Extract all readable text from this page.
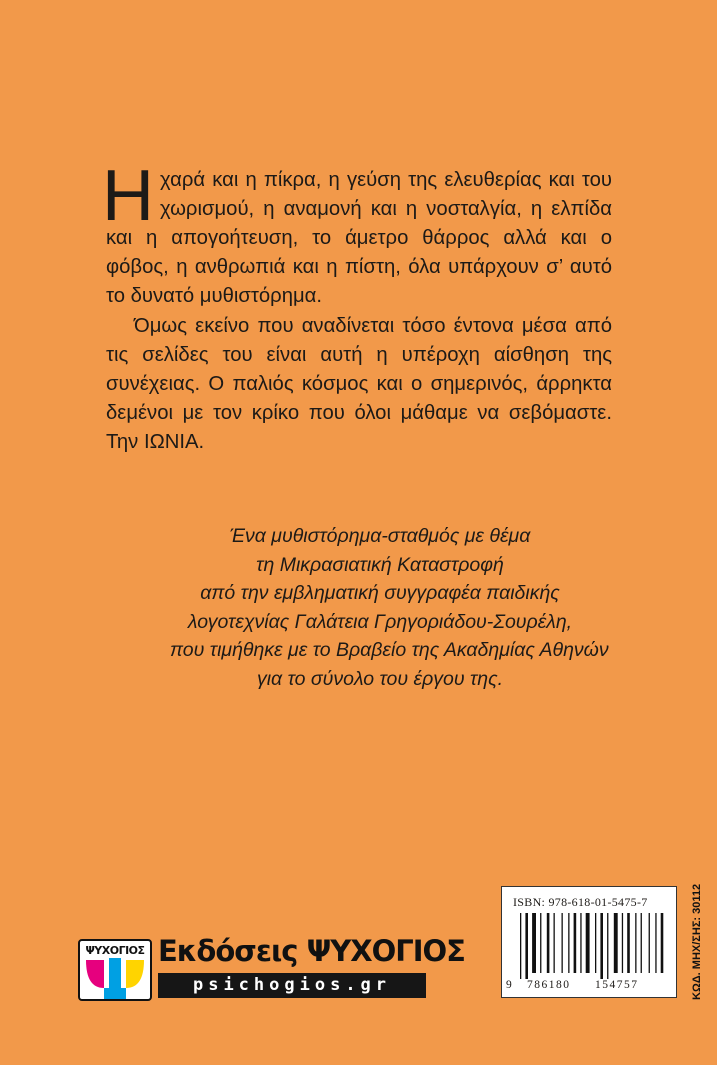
Ηχαρά και η πίκρα, η γεύση της ελευθερίας και του χωρισμού, η αναμονή και η νοσταλγία, η ελπίδα και η απογοήτευση, το άμετρο θάρρος αλλά και ο φόβος, η ανθρωπιά και η πίστη, όλα υπάρχουν σ’ αυτό το δυνατό μυθιστόρημα.

Όμως εκείνο που αναδίνεται τόσο έντονα μέσα από τις σελίδες του είναι αυτή η υπέροχη αίσθηση της συνέχειας. Ο παλιός κόσμος και ο σημερινός, άρρηκτα δεμένοι με τον κρίκο που όλοι μάθαμε να σεβόμαστε. Την ΙΩΝΙΑ.

Ένα μυθιστόρημα-σταθμός με θέμα
τη Μικρασιατική Καταστροφή
από την εμβληματική συγγραφέα παιδικής
λογοτεχνίας Γαλάτεια Γρηγοριάδου-Σουρέλη,
που τιμήθηκε με το Βραβείο της Ακαδημίας Αθηνών
για το σύνολο του έργου της.
ΨΥΧΟΓΙΟΣ Εκδόσεις ΨΥΧΟΓΙΟΣ
psichogios.gr
ISBN: 978-618-01-5475-7
9 786180 154757	ΚΩΔ. ΜΗΧ/ΣΗΣ: 30112
